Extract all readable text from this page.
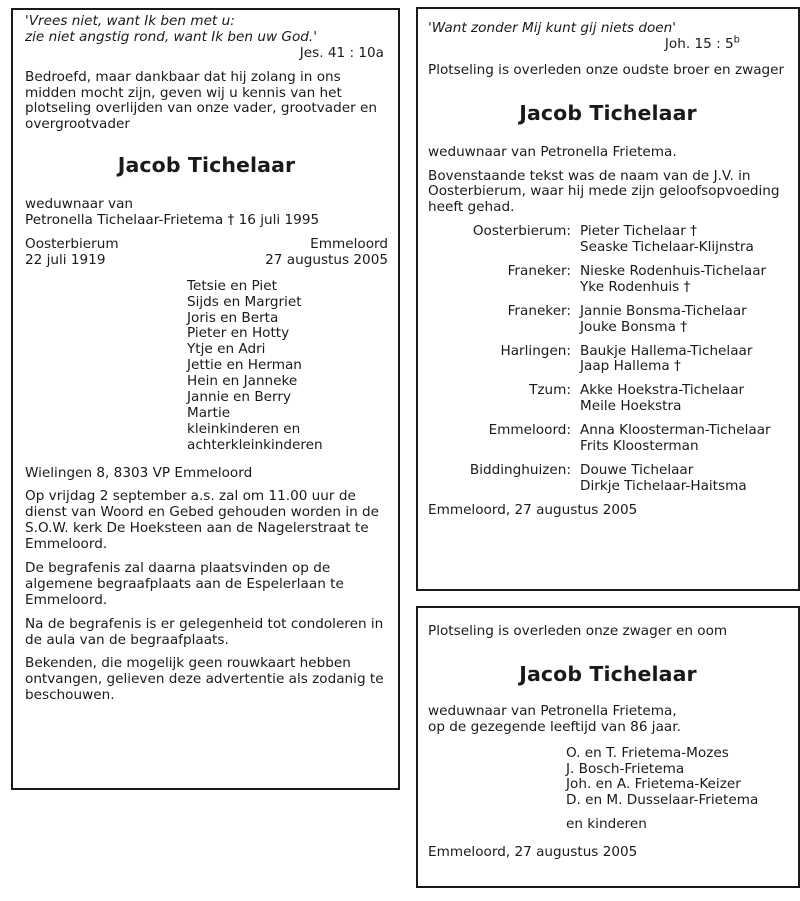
'Vrees niet, want Ik ben met u:

zie niet angstig rond, want Ik ben uw God.'

Jes. 41 : 10a

Bedroefd, maar dankbaar dat hij zolang in ons midden mocht zijn, geven wij u kennis van het plotseling overlijden van onze vader, grootvader en overgrootvader

Jacob Tichelaar

weduwnaar van

Petronella Tichelaar-Frietema † 16 juli 1995

Oosterbierum

22 juli 1919

Emmeloord

27 augustus 2005

Tetsie en Piet

Sijds en Margriet

Joris en Berta

Pieter en Hotty

Ytje en Adri

Jettie en Herman

Hein en Janneke

Jannie en Berry

Martie

kleinkinderen en

achterkleinkinderen

Wielingen 8, 8303 VP Emmeloord

Op vrijdag 2 september a.s. zal om 11.00 uur de dienst van Woord en Gebed gehouden worden in de S.O.W. kerk De Hoeksteen aan de Nagelerstraat te Emmeloord.

De begrafenis zal daarna plaatsvinden op de algemene begraafplaats aan de Espelerlaan te Emmeloord.

Na de begrafenis is er gelegenheid tot condoleren in de aula van de begraafplaats.

Bekenden, die mogelijk geen rouwkaart hebben ontvangen, gelieven deze advertentie als zodanig te beschouwen.

'Want zonder Mij kunt gij niets doen'

Joh. 15 : 5$^b$

Plotseling is overleden onze oudste broer en zwager

Jacob Tichelaar

weduwnaar van Petronella Frietema.

Bovenstaande tekst was de naam van de J.V. in Oosterbierum, waar hij mede zijn geloofsopvoeding heeft gehad.

Oosterbierum: Pieter Tichelaar †

Seaske Tichelaar-Klijnstra

Franeker: Nieske Rodenhuis-Tichelaar

Yke Rodenhuis †

Franeker: Jannie Bonsma-Tichelaar

Jouke Bonsma †

Harlingen: Baukje Hallema-Tichelaar

Jaap Hallema †

Tzum: Akke Hoekstra-Tichelaar

Meile Hoekstra

Emmeloord: Anna Kloosterman-Tichelaar

Frits Kloosterman

Biddinghuizen: Douwe Tichelaar

Dirkje Tichelaar-Haitsma

Emmeloord, 27 augustus 2005

Plotseling is overleden onze zwager en oom

Jacob Tichelaar

weduwnaar van Petronella Frietema,

op de gezegende leeftijd van 86 jaar.

O. en T. Frietema-Mozes

J. Bosch-Frietema

Joh. en A. Frietema-Keizer

D. en M. Dusselaar-Frietema

en kinderen

Emmeloord, 27 augustus 2005
